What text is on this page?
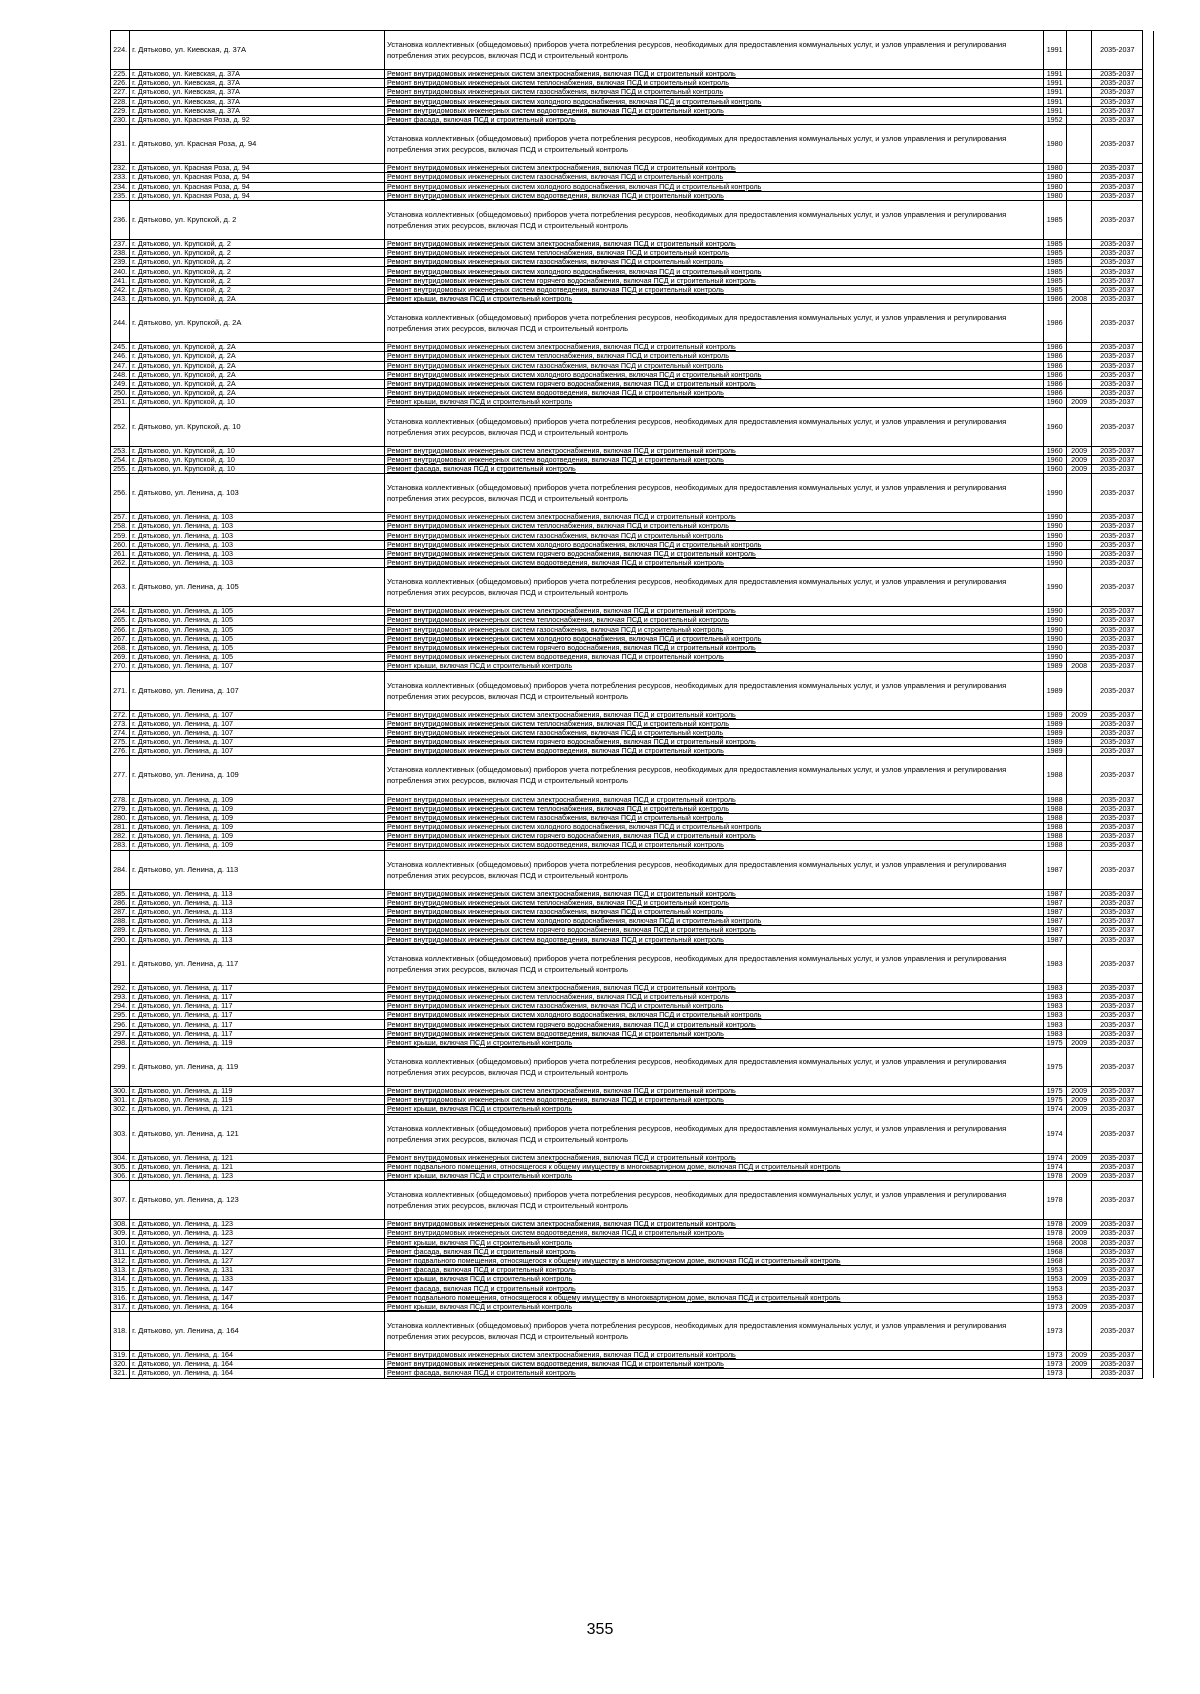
224.	г. Дятьково, ул. Киевская, д. 37А	Установка коллективных (общедомовых) приборов учета потребления ресурсов, необходимых для предоставления коммунальных услуг, и узлов управления и регулирования потребления этих ресурсов, включая ПСД и строительный контроль	1991		2035-2037	
225.	г. Дятьково, ул. Киевская, д. 37А	Ремонт внутридомовых инженерных систем электроснабжения, включая ПСД и строительный контроль	1991		2035-2037	
226.	г. Дятьково, ул. Киевская, д. 37А	Ремонт внутридомовых инженерных систем теплоснабжения, включая ПСД и строительный контроль	1991		2035-2037	
227.	г. Дятьково, ул. Киевская, д. 37А	Ремонт внутридомовых инженерных систем газоснабжения, включая ПСД и строительный контроль	1991		2035-2037	
228.	г. Дятьково, ул. Киевская, д. 37А	Ремонт внутридомовых инженерных систем холодного водоснабжения, включая ПСД и строительный контроль	1991		2035-2037	
229.	г. Дятьково, ул. Киевская, д. 37А	Ремонт внутридомовых инженерных систем водоотведения, включая ПСД и строительный контроль	1991		2035-2037	
230.	г. Дятьково, ул. Красная Роза, д. 92	Ремонт фасада, включая ПСД и строительный контроль	1952		2035-2037	
231.	г. Дятьково, ул. Красная Роза, д. 94	Установка коллективных (общедомовых) приборов учета потребления ресурсов, необходимых для предоставления коммунальных услуг, и узлов управления и регулирования потребления этих ресурсов, включая ПСД и строительный контроль	1980		2035-2037	
232.	г. Дятьково, ул. Красная Роза, д. 94	Ремонт внутридомовых инженерных систем электроснабжения, включая ПСД и строительный контроль	1980		2035-2037	
233.	г. Дятьково, ул. Красная Роза, д. 94	Ремонт внутридомовых инженерных систем газоснабжения, включая ПСД и строительный контроль	1980		2035-2037	
234.	г. Дятьково, ул. Красная Роза, д. 94	Ремонт внутридомовых инженерных систем холодного водоснабжения, включая ПСД и строительный контроль	1980		2035-2037	
235.	г. Дятьково, ул. Красная Роза, д. 94	Ремонт внутридомовых инженерных систем водоотведения, включая ПСД и строительный контроль	1980		2035-2037	
236.	г. Дятьково, ул. Крупской, д. 2	Установка коллективных (общедомовых) приборов учета потребления ресурсов, необходимых для предоставления коммунальных услуг, и узлов управления и регулирования потребления этих ресурсов, включая ПСД и строительный контроль	1985		2035-2037	
237.	г. Дятьково, ул. Крупской, д. 2	Ремонт внутридомовых инженерных систем электроснабжения, включая ПСД и строительный контроль	1985		2035-2037	
238.	г. Дятьково, ул. Крупской, д. 2	Ремонт внутридомовых инженерных систем теплоснабжения, включая ПСД и строительный контроль	1985		2035-2037	
239.	г. Дятьково, ул. Крупской, д. 2	Ремонт внутридомовых инженерных систем газоснабжения, включая ПСД и строительный контроль	1985		2035-2037	
240.	г. Дятьково, ул. Крупской, д. 2	Ремонт внутридомовых инженерных систем холодного водоснабжения, включая ПСД и строительный контроль	1985		2035-2037	
241.	г. Дятьково, ул. Крупской, д. 2	Ремонт внутридомовых инженерных систем горячего водоснабжения, включая ПСД и строительный контроль	1985		2035-2037	
242.	г. Дятьково, ул. Крупской, д. 2	Ремонт внутридомовых инженерных систем водоотведения, включая ПСД и строительный контроль	1985		2035-2037	
243.	г. Дятьково, ул. Крупской, д. 2А	Ремонт крыши, включая ПСД и строительный контроль	1986	2008	2035-2037	
244.	г. Дятьково, ул. Крупской, д. 2А	Установка коллективных (общедомовых) приборов учета потребления ресурсов, необходимых для предоставления коммунальных услуг, и узлов управления и регулирования потребления этих ресурсов, включая ПСД и строительный контроль	1986		2035-2037	
245.	г. Дятьково, ул. Крупской, д. 2А	Ремонт внутридомовых инженерных систем электроснабжения, включая ПСД и строительный контроль	1986		2035-2037	
246.	г. Дятьково, ул. Крупской, д. 2А	Ремонт внутридомовых инженерных систем теплоснабжения, включая ПСД и строительный контроль	1986		2035-2037	
247.	г. Дятьково, ул. Крупской, д. 2А	Ремонт внутридомовых инженерных систем газоснабжения, включая ПСД и строительный контроль	1986		2035-2037	
248.	г. Дятьково, ул. Крупской, д. 2А	Ремонт внутридомовых инженерных систем холодного водоснабжения, включая ПСД и строительный контроль	1986		2035-2037	
249.	г. Дятьково, ул. Крупской, д. 2А	Ремонт внутридомовых инженерных систем горячего водоснабжения, включая ПСД и строительный контроль	1986		2035-2037	
250.	г. Дятьково, ул. Крупской, д. 2А	Ремонт внутридомовых инженерных систем водоотведения, включая ПСД и строительный контроль	1986		2035-2037	
251.	г. Дятьково, ул. Крупской, д. 10	Ремонт крыши, включая ПСД и строительный контроль	1960	2009	2035-2037	
252.	г. Дятьково, ул. Крупской, д. 10	Установка коллективных (общедомовых) приборов учета потребления ресурсов, необходимых для предоставления коммунальных услуг, и узлов управления и регулирования потребления этих ресурсов, включая ПСД и строительный контроль	1960		2035-2037	
253.	г. Дятьково, ул. Крупской, д. 10	Ремонт внутридомовых инженерных систем электроснабжения, включая ПСД и строительный контроль	1960	2009	2035-2037	
254.	г. Дятьково, ул. Крупской, д. 10	Ремонт внутридомовых инженерных систем водоотведения, включая ПСД и строительный контроль	1960	2009	2035-2037	
255.	г. Дятьково, ул. Крупской, д. 10	Ремонт фасада, включая ПСД и строительный контроль	1960	2009	2035-2037	
256.	г. Дятьково, ул. Ленина, д. 103	Установка коллективных (общедомовых) приборов учета потребления ресурсов, необходимых для предоставления коммунальных услуг, и узлов управления и регулирования потребления этих ресурсов, включая ПСД и строительный контроль	1990		2035-2037	
257.	г. Дятьково, ул. Ленина, д. 103	Ремонт внутридомовых инженерных систем электроснабжения, включая ПСД и строительный контроль	1990		2035-2037	
258.	г. Дятьково, ул. Ленина, д. 103	Ремонт внутридомовых инженерных систем теплоснабжения, включая ПСД и строительный контроль	1990		2035-2037	
259.	г. Дятьково, ул. Ленина, д. 103	Ремонт внутридомовых инженерных систем газоснабжения, включая ПСД и строительный контроль	1990		2035-2037	
260.	г. Дятьково, ул. Ленина, д. 103	Ремонт внутридомовых инженерных систем холодного водоснабжения, включая ПСД и строительный контроль	1990		2035-2037	
261.	г. Дятьково, ул. Ленина, д. 103	Ремонт внутридомовых инженерных систем горячего водоснабжения, включая ПСД и строительный контроль	1990		2035-2037	
262.	г. Дятьково, ул. Ленина, д. 103	Ремонт внутридомовых инженерных систем водоотведения, включая ПСД и строительный контроль	1990		2035-2037	
263.	г. Дятьково, ул. Ленина, д. 105	Установка коллективных (общедомовых) приборов учета потребления ресурсов, необходимых для предоставления коммунальных услуг, и узлов управления и регулирования потребления этих ресурсов, включая ПСД и строительный контроль	1990		2035-2037	
264.	г. Дятьково, ул. Ленина, д. 105	Ремонт внутридомовых инженерных систем электроснабжения, включая ПСД и строительный контроль	1990		2035-2037	
265.	г. Дятьково, ул. Ленина, д. 105	Ремонт внутридомовых инженерных систем теплоснабжения, включая ПСД и строительный контроль	1990		2035-2037	
266.	г. Дятьково, ул. Ленина, д. 105	Ремонт внутридомовых инженерных систем газоснабжения, включая ПСД и строительный контроль	1990		2035-2037	
267.	г. Дятьково, ул. Ленина, д. 105	Ремонт внутридомовых инженерных систем холодного водоснабжения, включая ПСД и строительный контроль	1990		2035-2037	
268.	г. Дятьково, ул. Ленина, д. 105	Ремонт внутридомовых инженерных систем горячего водоснабжения, включая ПСД и строительный контроль	1990		2035-2037	
269.	г. Дятьково, ул. Ленина, д. 105	Ремонт внутридомовых инженерных систем водоотведения, включая ПСД и строительный контроль	1990		2035-2037	
270.	г. Дятьково, ул. Ленина, д. 107	Ремонт крыши, включая ПСД и строительный контроль	1989	2008	2035-2037	
271.	г. Дятьково, ул. Ленина, д. 107	Установка коллективных (общедомовых) приборов учета потребления ресурсов, необходимых для предоставления коммунальных услуг, и узлов управления и регулирования потребления этих ресурсов, включая ПСД и строительный контроль	1989		2035-2037	
272.	г. Дятьково, ул. Ленина, д. 107	Ремонт внутридомовых инженерных систем электроснабжения, включая ПСД и строительный контроль	1989	2009	2035-2037	
273.	г. Дятьково, ул. Ленина, д. 107	Ремонт внутридомовых инженерных систем теплоснабжения, включая ПСД и строительный контроль	1989		2035-2037	
274.	г. Дятьково, ул. Ленина, д. 107	Ремонт внутридомовых инженерных систем газоснабжения, включая ПСД и строительный контроль	1989		2035-2037	
275.	г. Дятьково, ул. Ленина, д. 107	Ремонт внутридомовых инженерных систем горячего водоснабжения, включая ПСД и строительный контроль	1989		2035-2037	
276.	г. Дятьково, ул. Ленина, д. 107	Ремонт внутридомовых инженерных систем водоотведения, включая ПСД и строительный контроль	1989		2035-2037	
277.	г. Дятьково, ул. Ленина, д. 109	Установка коллективных (общедомовых) приборов учета потребления ресурсов, необходимых для предоставления коммунальных услуг, и узлов управления и регулирования потребления этих ресурсов, включая ПСД и строительный контроль	1988		2035-2037	
278.	г. Дятьково, ул. Ленина, д. 109	Ремонт внутридомовых инженерных систем электроснабжения, включая ПСД и строительный контроль	1988		2035-2037	
279.	г. Дятьково, ул. Ленина, д. 109	Ремонт внутридомовых инженерных систем теплоснабжения, включая ПСД и строительный контроль	1988		2035-2037	
280.	г. Дятьково, ул. Ленина, д. 109	Ремонт внутридомовых инженерных систем газоснабжения, включая ПСД и строительный контроль	1988		2035-2037	
281.	г. Дятьково, ул. Ленина, д. 109	Ремонт внутридомовых инженерных систем холодного водоснабжения, включая ПСД и строительный контроль	1988		2035-2037	
282.	г. Дятьково, ул. Ленина, д. 109	Ремонт внутридомовых инженерных систем горячего водоснабжения, включая ПСД и строительный контроль	1988		2035-2037	
283.	г. Дятьково, ул. Ленина, д. 109	Ремонт внутридомовых инженерных систем водоотведения, включая ПСД и строительный контроль	1988		2035-2037	
284.	г. Дятьково, ул. Ленина, д. 113	Установка коллективных (общедомовых) приборов учета потребления ресурсов, необходимых для предоставления коммунальных услуг, и узлов управления и регулирования потребления этих ресурсов, включая ПСД и строительный контроль	1987		2035-2037	
285.	г. Дятьково, ул. Ленина, д. 113	Ремонт внутридомовых инженерных систем электроснабжения, включая ПСД и строительный контроль	1987		2035-2037	
286.	г. Дятьково, ул. Ленина, д. 113	Ремонт внутридомовых инженерных систем теплоснабжения, включая ПСД и строительный контроль	1987		2035-2037	
287.	г. Дятьково, ул. Ленина, д. 113	Ремонт внутридомовых инженерных систем газоснабжения, включая ПСД и строительный контроль	1987		2035-2037	
288.	г. Дятьково, ул. Ленина, д. 113	Ремонт внутридомовых инженерных систем холодного водоснабжения, включая ПСД и строительный контроль	1987		2035-2037	
289.	г. Дятьково, ул. Ленина, д. 113	Ремонт внутридомовых инженерных систем горячего водоснабжения, включая ПСД и строительный контроль	1987		2035-2037	
290.	г. Дятьково, ул. Ленина, д. 113	Ремонт внутридомовых инженерных систем водоотведения, включая ПСД и строительный контроль	1987		2035-2037	
291.	г. Дятьково, ул. Ленина, д. 117	Установка коллективных (общедомовых) приборов учета потребления ресурсов, необходимых для предоставления коммунальных услуг, и узлов управления и регулирования потребления этих ресурсов, включая ПСД и строительный контроль	1983		2035-2037	
292.	г. Дятьково, ул. Ленина, д. 117	Ремонт внутридомовых инженерных систем электроснабжения, включая ПСД и строительный контроль	1983		2035-2037	
293.	г. Дятьково, ул. Ленина, д. 117	Ремонт внутридомовых инженерных систем теплоснабжения, включая ПСД и строительный контроль	1983		2035-2037	
294.	г. Дятьково, ул. Ленина, д. 117	Ремонт внутридомовых инженерных систем газоснабжения, включая ПСД и строительный контроль	1983		2035-2037	
295.	г. Дятьково, ул. Ленина, д. 117	Ремонт внутридомовых инженерных систем холодного водоснабжения, включая ПСД и строительный контроль	1983		2035-2037	
296.	г. Дятьково, ул. Ленина, д. 117	Ремонт внутридомовых инженерных систем горячего водоснабжения, включая ПСД и строительный контроль	1983		2035-2037	
297.	г. Дятьково, ул. Ленина, д. 117	Ремонт внутридомовых инженерных систем водоотведения, включая ПСД и строительный контроль	1983		2035-2037	
298.	г. Дятьково, ул. Ленина, д. 119	Ремонт крыши, включая ПСД и строительный контроль	1975	2009	2035-2037	
299.	г. Дятьково, ул. Ленина, д. 119	Установка коллективных (общедомовых) приборов учета потребления ресурсов, необходимых для предоставления коммунальных услуг, и узлов управления и регулирования потребления этих ресурсов, включая ПСД и строительный контроль	1975		2035-2037	
300.	г. Дятьково, ул. Ленина, д. 119	Ремонт внутридомовых инженерных систем электроснабжения, включая ПСД и строительный контроль	1975	2009	2035-2037	
301.	г. Дятьково, ул. Ленина, д. 119	Ремонт внутридомовых инженерных систем водоотведения, включая ПСД и строительный контроль	1975	2009	2035-2037	
302.	г. Дятьково, ул. Ленина, д. 121	Ремонт крыши, включая ПСД и строительный контроль	1974	2009	2035-2037	
303.	г. Дятьково, ул. Ленина, д. 121	Установка коллективных (общедомовых) приборов учета потребления ресурсов, необходимых для предоставления коммунальных услуг, и узлов управления и регулирования потребления этих ресурсов, включая ПСД и строительный контроль	1974		2035-2037	
304.	г. Дятьково, ул. Ленина, д. 121	Ремонт внутридомовых инженерных систем электроснабжения, включая ПСД и строительный контроль	1974	2009	2035-2037	
305.	г. Дятьково, ул. Ленина, д. 121	Ремонт подвального помещения, относящегося к общему имуществу в многоквартирном доме, включая ПСД и строительный контроль	1974		2035-2037	
306.	г. Дятьково, ул. Ленина, д. 123	Ремонт крыши, включая ПСД и строительный контроль	1978	2009	2035-2037	
307.	г. Дятьково, ул. Ленина, д. 123	Установка коллективных (общедомовых) приборов учета потребления ресурсов, необходимых для предоставления коммунальных услуг, и узлов управления и регулирования потребления этих ресурсов, включая ПСД и строительный контроль	1978		2035-2037	
308.	г. Дятьково, ул. Ленина, д. 123	Ремонт внутридомовых инженерных систем электроснабжения, включая ПСД и строительный контроль	1978	2009	2035-2037	
309.	г. Дятьково, ул. Ленина, д. 123	Ремонт внутридомовых инженерных систем водоотведения, включая ПСД и строительный контроль	1978	2009	2035-2037	
310.	г. Дятьково, ул. Ленина, д. 127	Ремонт крыши, включая ПСД и строительный контроль	1968	2008	2035-2037	
311.	г. Дятьково, ул. Ленина, д. 127	Ремонт фасада, включая ПСД и строительный контроль	1968		2035-2037	
312.	г. Дятьково, ул. Ленина, д. 127	Ремонт подвального помещения, относящегося к общему имуществу в многоквартирном доме, включая ПСД и строительный контроль	1968		2035-2037	
313.	г. Дятьково, ул. Ленина, д. 131	Ремонт фасада, включая ПСД и строительный контроль	1953		2035-2037	
314.	г. Дятьково, ул. Ленина, д. 133	Ремонт крыши, включая ПСД и строительный контроль	1953	2009	2035-2037	
315.	г. Дятьково, ул. Ленина, д. 147	Ремонт фасада, включая ПСД и строительный контроль	1953		2035-2037	
316.	г. Дятьково, ул. Ленина, д. 147	Ремонт подвального помещения, относящегося к общему имуществу в многоквартирном доме, включая ПСД и строительный контроль	1953		2035-2037	
317.	г. Дятьково, ул. Ленина, д. 164	Ремонт крыши, включая ПСД и строительный контроль	1973	2009	2035-2037	
318.	г. Дятьково, ул. Ленина, д. 164	Установка коллективных (общедомовых) приборов учета потребления ресурсов, необходимых для предоставления коммунальных услуг, и узлов управления и регулирования потребления этих ресурсов, включая ПСД и строительный контроль	1973		2035-2037	
319.	г. Дятьково, ул. Ленина, д. 164	Ремонт внутридомовых инженерных систем электроснабжения, включая ПСД и строительный контроль	1973	2009	2035-2037	
320.	г. Дятьково, ул. Ленина, д. 164	Ремонт внутридомовых инженерных систем водоотведения, включая ПСД и строительный контроль	1973	2009	2035-2037	
321.	г. Дятьково, ул. Ленина, д. 164	Ремонт фасада, включая ПСД и строительный контроль	1973		2035-2037	
355
